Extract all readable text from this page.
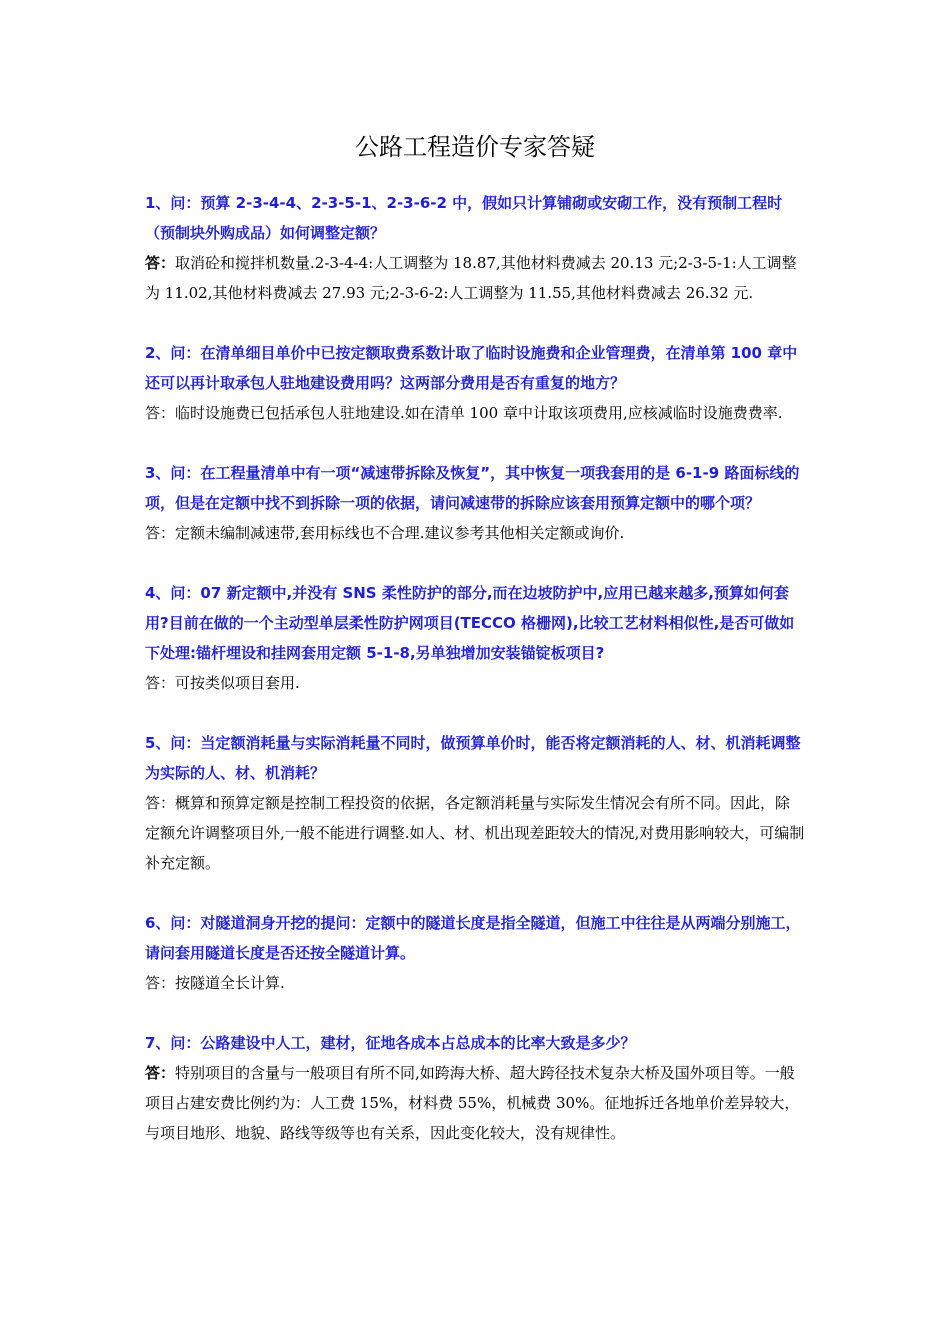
公路工程造价专家答疑

1、问：预算 2-3-4-4、2-3-5-1、2-3-6-2 中，假如只计算铺砌或安砌工作，没有预制工程时（预制块外购成品）如何调整定额？

答：取消砼和搅拌机数量.2-3-4-4:人工调整为 18.87,其他材料费减去 20.13 元;2-3-5-1:人工调整为 11.02,其他材料费减去 27.93 元;2-3-6-2:人工调整为 11.55,其他材料费减去 26.32 元.

2、问：在清单细目单价中已按定额取费系数计取了临时设施费和企业管理费，在清单第 100 章中还可以再计取承包人驻地建设费用吗？这两部分费用是否有重复的地方？

答：临时设施费已包括承包人驻地建设.如在清单 100 章中计取该项费用,应核减临时设施费费率.

3、问：在工程量清单中有一项“减速带拆除及恢复”，其中恢复一项我套用的是 6-1-9 路面标线的项，但是在定额中找不到拆除一项的依据，请问减速带的拆除应该套用预算定额中的哪个项？

答：定额未编制减速带,套用标线也不合理.建议参考其他相关定额或询价.

4、问：07 新定额中,并没有 SNS 柔性防护的部分,而在边坡防护中,应用已越来越多,预算如何套用?目前在做的一个主动型单层柔性防护网项目(TECCO 格栅网),比较工艺材料相似性,是否可做如下处理:锚杆埋设和挂网套用定额 5-1-8,另单独增加安装锚锭板项目?

答：可按类似项目套用.

5、问：当定额消耗量与实际消耗量不同时，做预算单价时，能否将定额消耗的人、材、机消耗调整为实际的人、材、机消耗？

答：概算和预算定额是控制工程投资的依据，各定额消耗量与实际发生情况会有所不同。因此，除定额允许调整项目外,一般不能进行调整.如人、材、机出现差距较大的情况,对费用影响较大，可编制补充定额。

6、问：对隧道洞身开挖的提问：定额中的隧道长度是指全隧道，但施工中往往是从两端分别施工，请问套用隧道长度是否还按全隧道计算。

答：按隧道全长计算.

7、问：公路建设中人工，建材，征地各成本占总成本的比率大致是多少？

答：特别项目的含量与一般项目有所不同,如跨海大桥、超大跨径技术复杂大桥及国外项目等。一般项目占建安费比例约为：人工费 15%，材料费 55%，机械费 30%。征地拆迁各地单价差异较大，与项目地形、地貌、路线等级等也有关系，因此变化较大，没有规律性。
